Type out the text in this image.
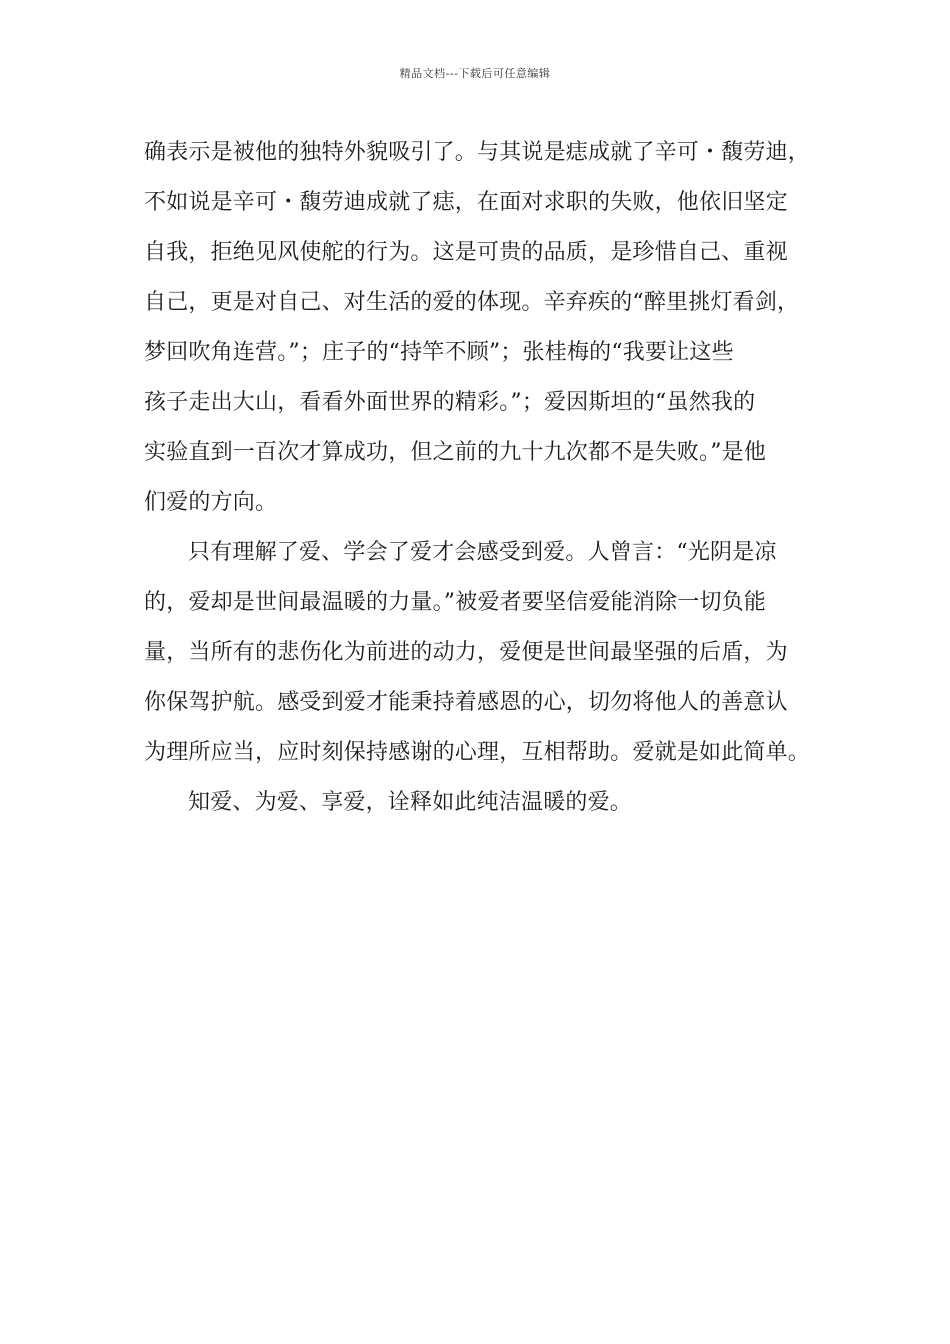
精品文档---下载后可任意编辑
确表示是被他的独特外貌吸引了。与其说是痣成就了辛可・馥劳迪，
不如说是辛可・馥劳迪成就了痣，在面对求职的失败，他依旧坚定
自我，拒绝见风使舵的行为。这是可贵的品质，是珍惜自己、重视
自己，更是对自己、对生活的爱的体现。辛弃疾的“醉里挑灯看剑，
梦回吹角连营。”；庄子的“持竿不顾”；张桂梅的“我要让这些
孩子走出大山，看看外面世界的精彩。”；爱因斯坦的“虽然我的
实验直到一百次才算成功，但之前的九十九次都不是失败。”是他
们爱的方向。
只有理解了爱、学会了爱才会感受到爱。人曾言：“光阴是凉
的，爱却是世间最温暖的力量。”被爱者要坚信爱能消除一切负能
量，当所有的悲伤化为前进的动力，爱便是世间最坚强的后盾，为
你保驾护航。感受到爱才能秉持着感恩的心，切勿将他人的善意认
为理所应当，应时刻保持感谢的心理，互相帮助。爱就是如此简单。
知爱、为爱、享爱，诠释如此纯洁温暖的爱。
